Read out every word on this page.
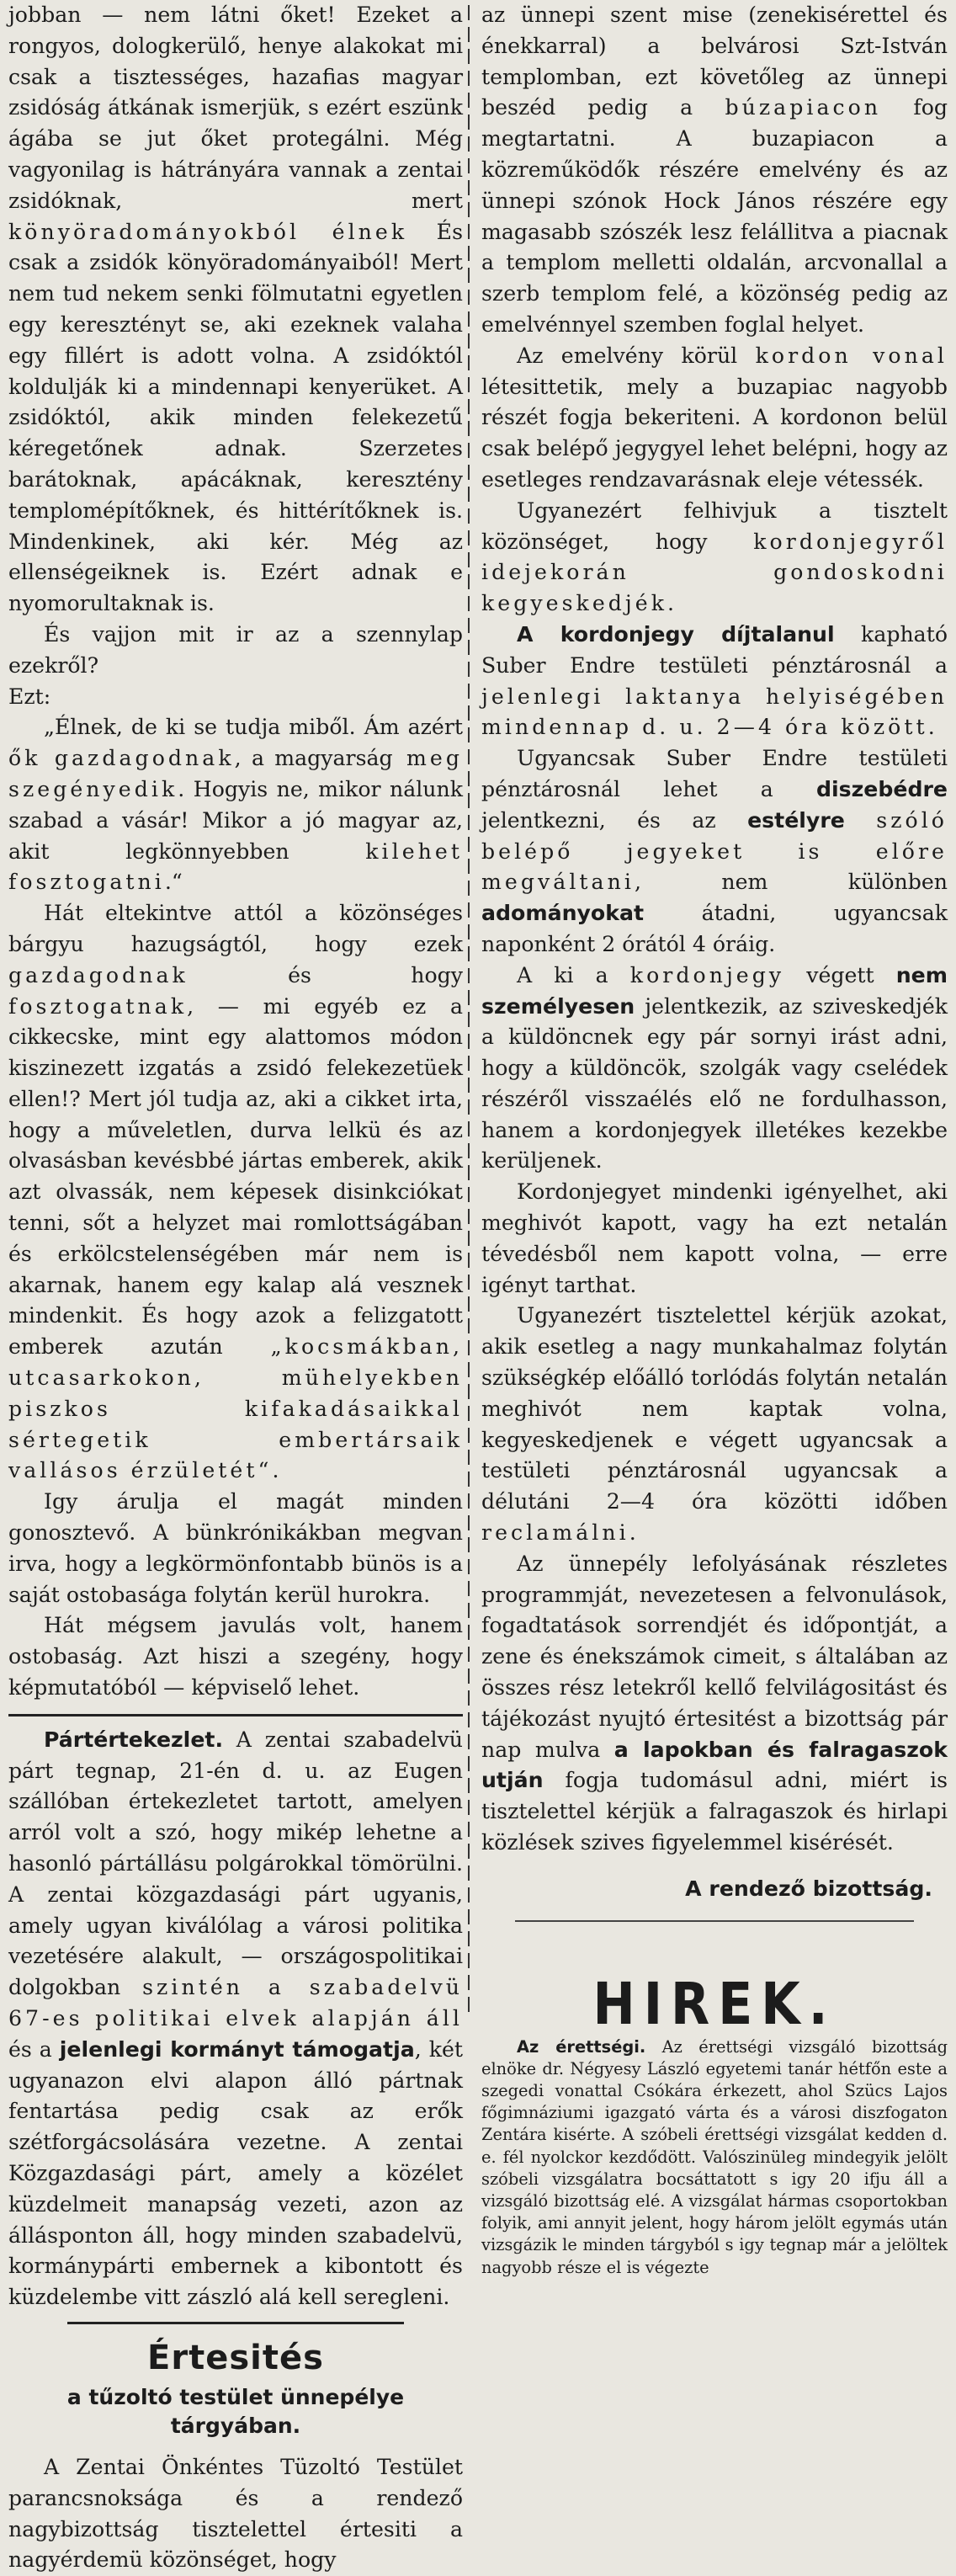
jobban — nem látni őket! Ezeket a rongyos, dologkerülő, henye alakokat mi csak a tisztességes, hazafias magyar zsidóság átkának ismerjük, s ezért eszünk ágába se jut őket protegálni. Még vagyonilag is hátrányára vannak a zentai zsidóknak, mert könyöradományokból élnek És csak a zsidók könyöradományaiból! Mert nem tud nekem senki fölmutatni egyetlen egy keresztényt se, aki ezeknek valaha egy fillért is adott volna. A zsidóktól koldulják ki a mindennapi kenyerüket. A zsidóktól, akik minden felekezetű kéregetőnek adnak. Szerzetes barátoknak, apácáknak, keresztény templomépítőknek, és hittérítőknek is. Mindenkinek, aki kér. Még az ellenségeiknek is. Ezért adnak e nyomorultaknak is.

És vajjon mit ir az a szennylap ezekről?

Ezt:

„Élnek, de ki se tudja miből. Ám azért ők gazdagodnak, a magyarság meg szegényedik. Hogyis ne, mikor nálunk szabad a vásár! Mikor a jó magyar az, akit legkönnyebben kilehet fosztogatni.“

Hát eltekintve attól a közönséges bárgyu hazugságtól, hogy ezek gazdagodnak és hogy fosztogatnak, — mi egyéb ez a cikkecske, mint egy alattomos módon kiszinezett izgatás a zsidó felekezetüek ellen!? Mert jól tudja az, aki a cikket irta, hogy a műveletlen, durva lelkü és az olvasásban kevésbbé jártas emberek, akik azt olvassák, nem képesek disinkciókat tenni, sőt a helyzet mai romlottságában és erkölcstelenségében már nem is akarnak, hanem egy kalap alá vesznek mindenkit. És hogy azok a felizgatott emberek azután „kocsmákban, utcasarkokon, mühelyekben piszkos kifakadásaikkal sértegetik embertársaik vallásos érzületét“.

Igy árulja el magát minden gonosztevő. A bünkrónikákban megvan irva, hogy a legkörmönfontabb bünös is a saját ostobasága folytán kerül hurokra.

Hát mégsem javulás volt, hanem ostobaság. Azt hiszi a szegény, hogy képmutatóból — képviselő lehet.

Pártértekezlet. A zentai szabadelvü párt tegnap, 21-én d. u. az Eugen szállóban értekezletet tartott, amelyen arról volt a szó, hogy mikép lehetne a hasonló pártállásu polgárokkal tömörülni. A zentai közgazdasági párt ugyanis, amely ugyan kiválólag a városi politika vezetésére alakult, — országospolitikai dolgokban szintén a szabadelvü 67-es politikai elvek alapján áll és a jelenlegi kormányt támogatja, két ugyanazon elvi alapon álló pártnak fentartása pedig csak az erők szétforgácsolására vezetne. A zentai Közgazdasági párt, amely a közélet küzdelmeit manapság vezeti, azon az állásponton áll, hogy minden szabadelvü, kormánypárti embernek a kibontott és küzdelembe vitt zászló alá kell seregleni.

Értesités
a tűzoltó testület ünnepélye tárgyában.

A Zentai Önkéntes Tüzoltó Testület parancsnoksága és a rendező nagybizottság tisztelettel értesiti a nagyérdemü közönséget, hogy

az ünnepi szent mise (zenekisérettel és énekkarral) a belvárosi Szt-István templomban, ezt követőleg az ünnepi beszéd pedig a búzapiacon fog megtartatni. A buzapiacon a közreműködők részére emelvény és az ünnepi szónok Hock János részére egy magasabb szószék lesz felállitva a piacnak a templom melletti oldalán, arcvonallal a szerb templom felé, a közönség pedig az emelvénnyel szemben foglal helyet.

Az emelvény körül kordon vonal létesittetik, mely a buzapiac nagyobb részét fogja bekeriteni. A kordonon belül csak belépő jegygyel lehet belépni, hogy az esetleges rendzavarásnak eleje vétessék.

Ugyanezért felhivjuk a tisztelt közönséget, hogy kordonjegyről idejekorán gondoskodni kegyeskedjék.

A kordonjegy díjtalanul kapható Suber Endre testületi pénztárosnál a jelenlegi laktanya helyiségében mindennap d. u. 2—4 óra között.

Ugyancsak Suber Endre testületi pénztárosnál lehet a diszebédre jelentkezni, és az estélyre szóló belépő jegyeket is előre megváltani, nem különben adományokat átadni, ugyancsak naponként 2 órától 4 óráig.

A ki a kordonjegy végett nem személyesen jelentkezik, az sziveskedjék a küldöncnek egy pár sornyi irást adni, hogy a küldöncök, szolgák vagy cselédek részéről visszaélés elő ne fordulhasson, hanem a kordonjegyek illetékes kezekbe kerüljenek.

Kordonjegyet mindenki igényelhet, aki meghivót kapott, vagy ha ezt netalán tévedésből nem kapott volna, — erre igényt tarthat.

Ugyanezért tisztelettel kérjük azokat, akik esetleg a nagy munkahalmaz folytán szükségkép előálló torlódás folytán netalán meghivót nem kaptak volna, kegyeskedjenek e végett ugyancsak a testületi pénztárosnál ugyancsak a délutáni 2—4 óra közötti időben reclamálni.

Az ünnepély lefolyásának részletes programmját, nevezetesen a felvonulások, fogadtatások sorrendjét és időpontját, a zene és énekszámok cimeit, s általában az összes rész letekről kellő felvilágositást és tájékozást nyujtó értesitést a bizottság pár nap mulva a lapokban és falragaszok utján fogja tudomásul adni, miért is tisztelettel kérjük a falragaszok és hirlapi közlések szives figyelemmel kisérését.

A rendező bizottság.

HIREK.

Az érettségi. Az érettségi vizsgáló bizottság elnöke dr. Négyesy László egyetemi tanár hétfőn este a szegedi vonattal Csókára érkezett, ahol Szücs Lajos főgimnáziumi igazgató várta és a városi diszfogaton Zentára kisérte. A szóbeli érettségi vizsgálat kedden d. e. fél nyolckor kezdődött. Valószinüleg mindegyik jelölt szóbeli vizsgálatra bocsáttatott s igy 20 ifju áll a vizsgáló bizottság elé. A vizsgálat hármas csoportokban folyik, ami annyit jelent, hogy három jelölt egymás után vizsgázik le minden tárgyból s igy tegnap már a jelöltek nagyobb része el is végezte
